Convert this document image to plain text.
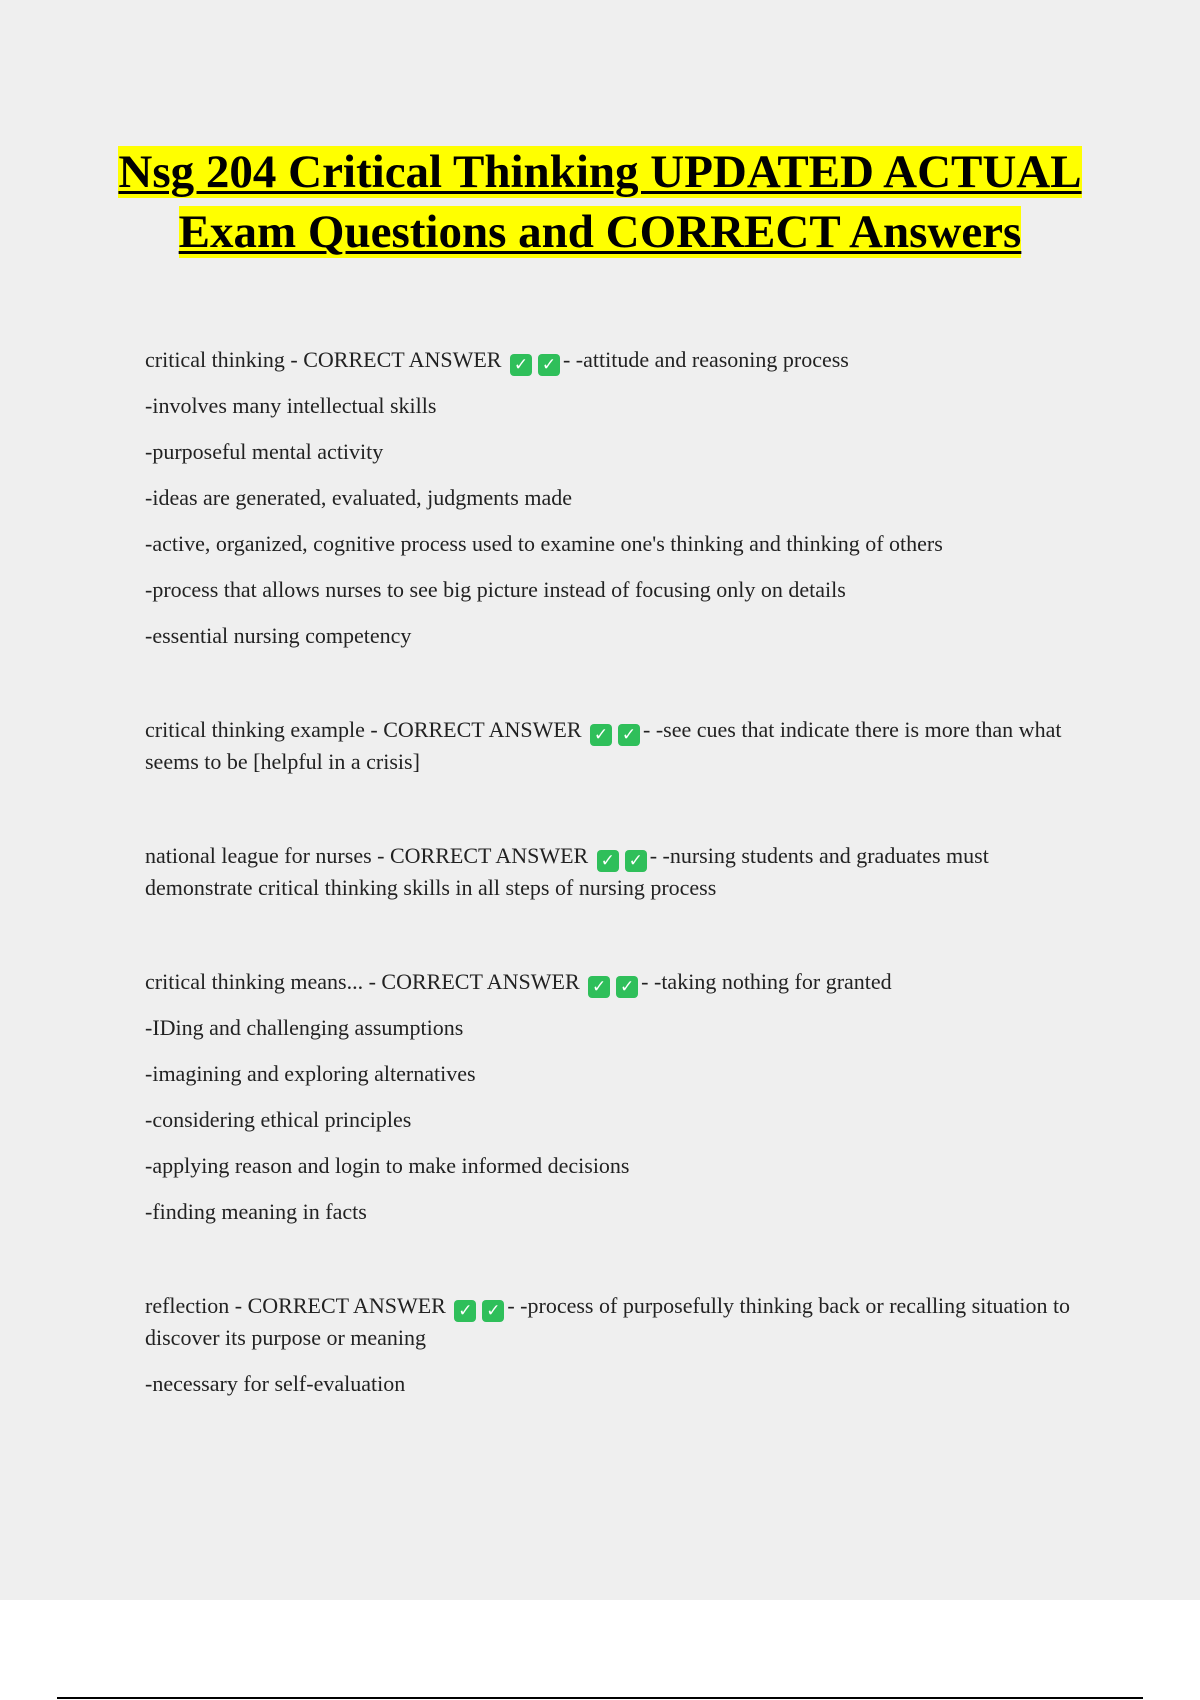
Nsg 204 Critical Thinking UPDATED ACTUAL Exam Questions and CORRECT Answers
critical thinking - CORRECT ANSWER ✓ ✓ - -attitude and reasoning process
-involves many intellectual skills
-purposeful mental activity
-ideas are generated, evaluated, judgments made
-active, organized, cognitive process used to examine one's thinking and thinking of others
-process that allows nurses to see big picture instead of focusing only on details
-essential nursing competency
critical thinking example - CORRECT ANSWER ✓ ✓ - -see cues that indicate there is more than what seems to be [helpful in a crisis]
national league for nurses - CORRECT ANSWER ✓ ✓ - -nursing students and graduates must demonstrate critical thinking skills in all steps of nursing process
critical thinking means... - CORRECT ANSWER ✓ ✓ - -taking nothing for granted
-IDing and challenging assumptions
-imagining and exploring alternatives
-considering ethical principles
-applying reason and login to make informed decisions
-finding meaning in facts
reflection - CORRECT ANSWER ✓ ✓ - -process of purposefully thinking back or recalling situation to discover its purpose or meaning
-necessary for self-evaluation
